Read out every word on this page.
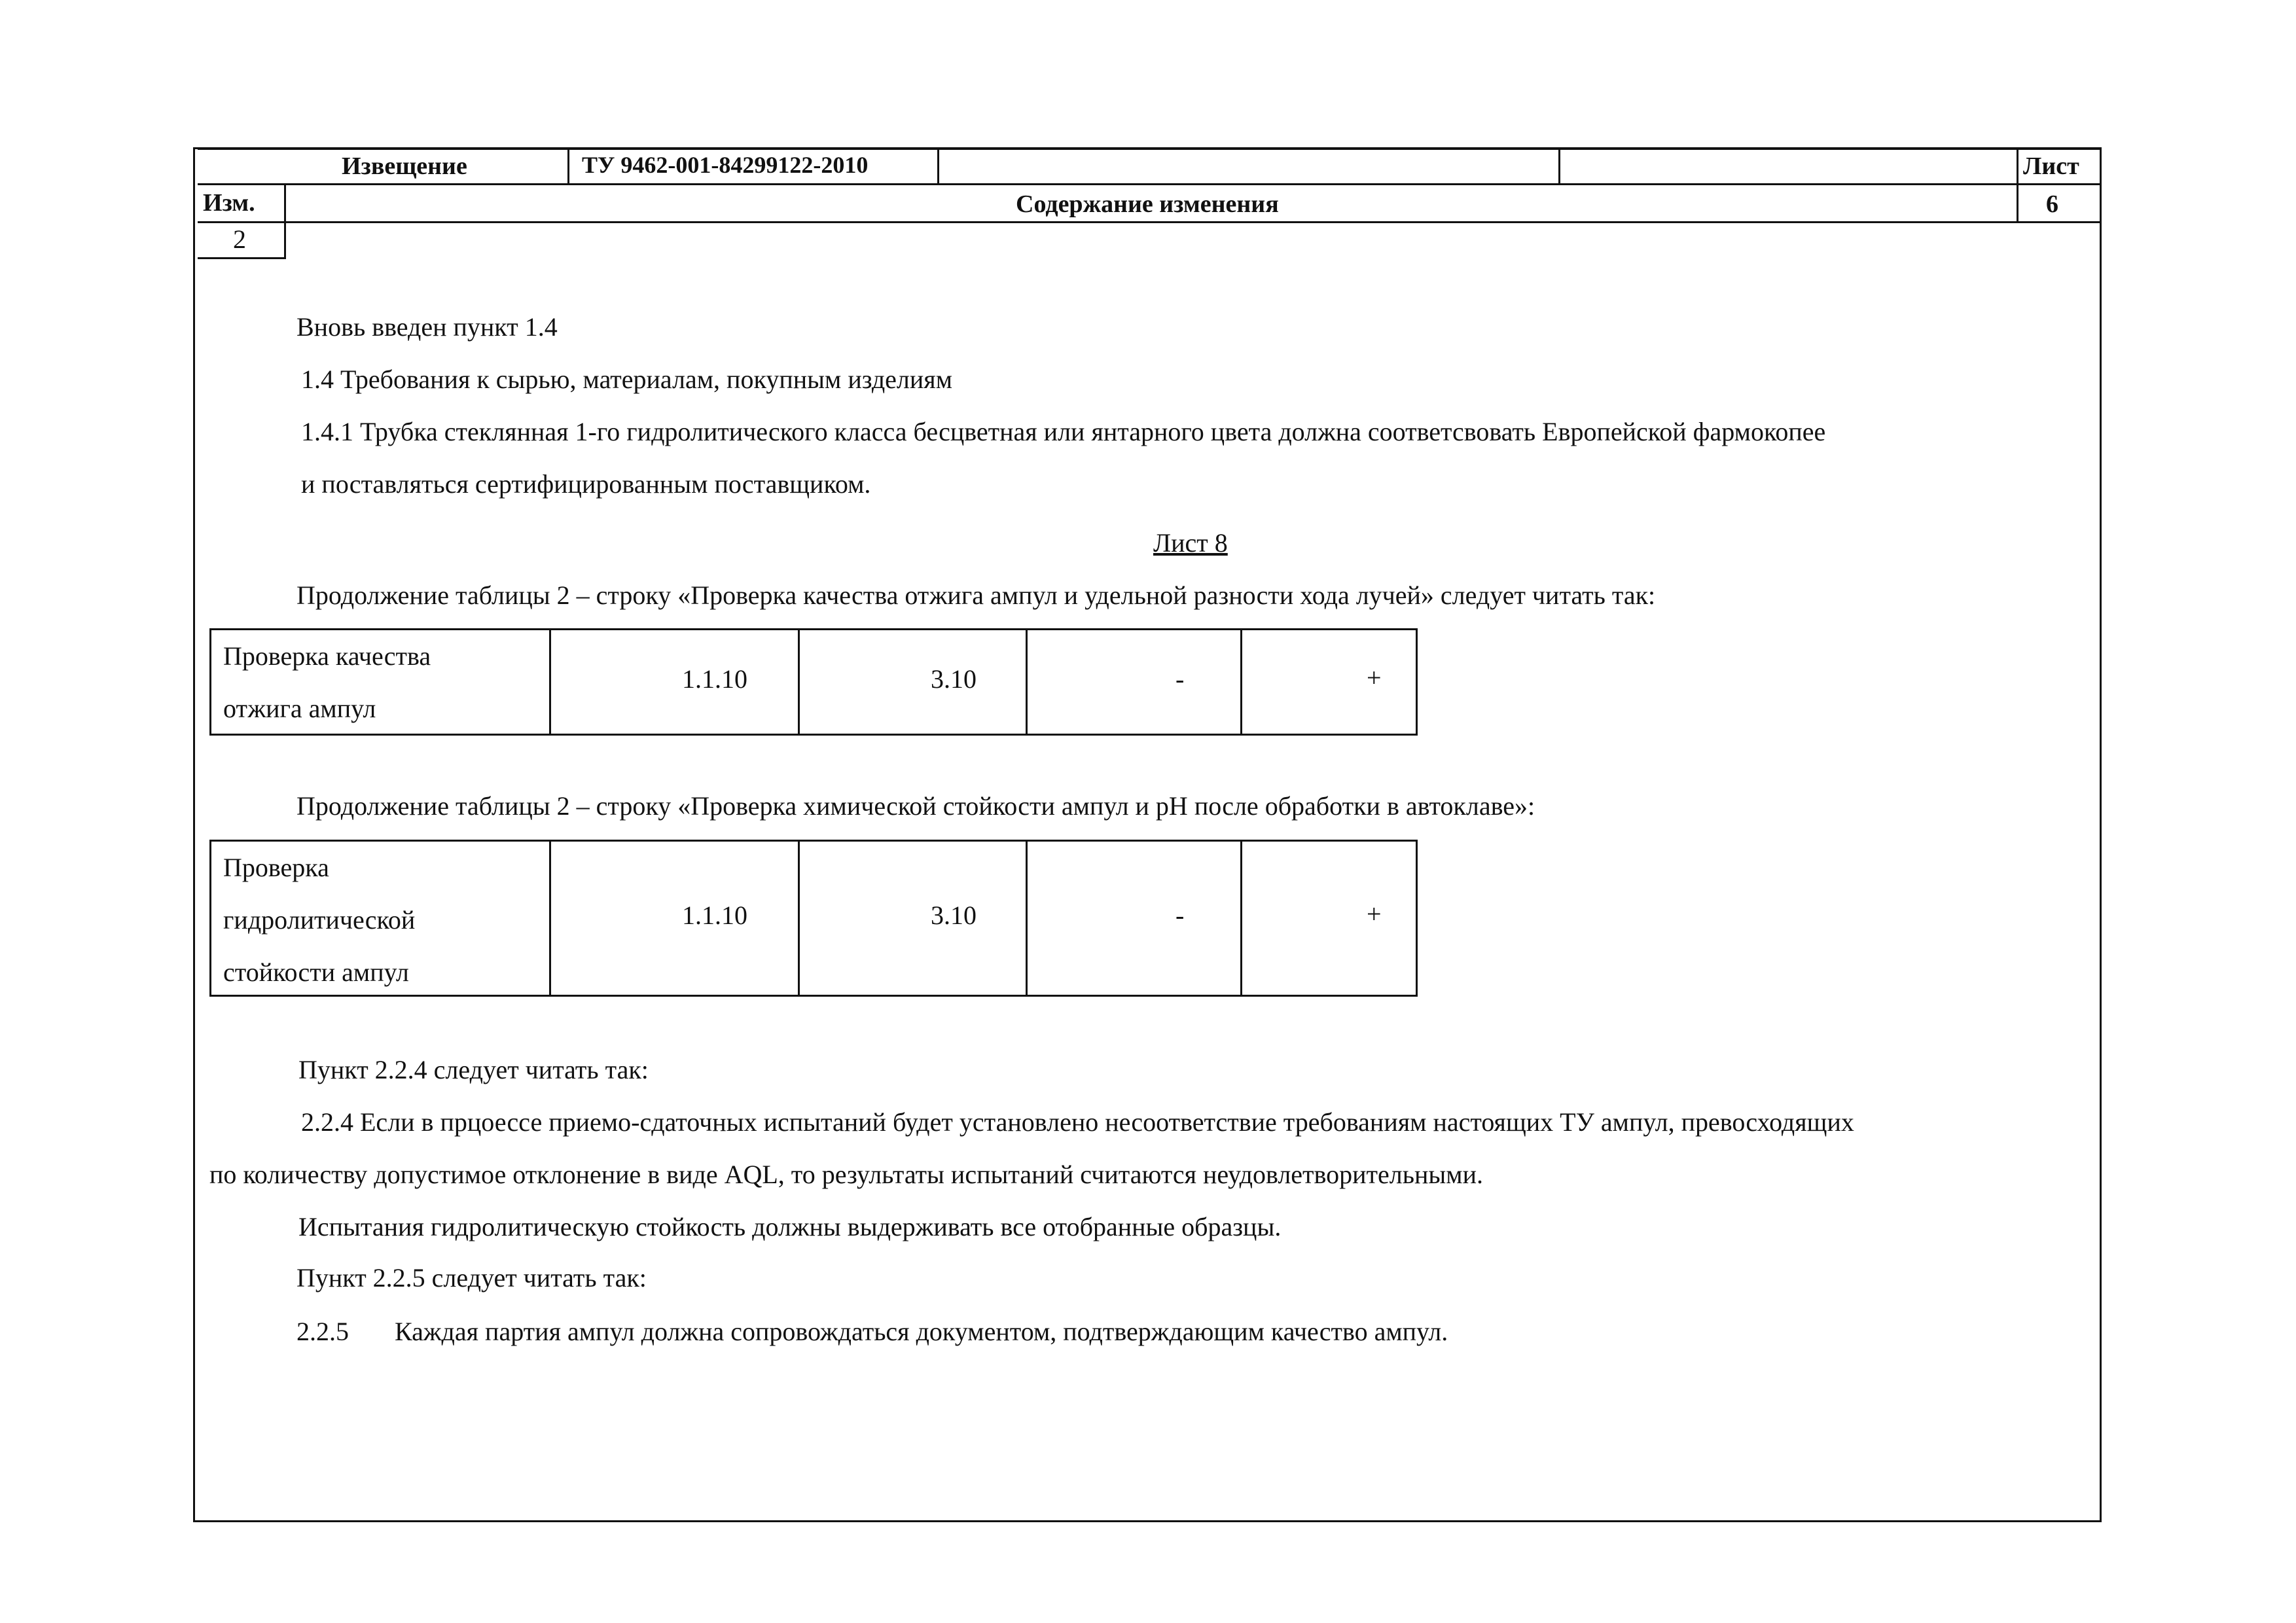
Извещение	ТУ 9462-001-84299122-2010	Лист
Изм.	Содержание изменения	6
2
Вновь введен пункт 1.4
1.4 Требования к сырью, материалам, покупным изделиям
1.4.1 Трубка стеклянная 1-го гидролитического класса бесцветная или янтарного цвета должна соответсвовать Европейской фармокопее
и поставляться сертифицированным поставщиком.
Лист 8
Продолжение таблицы 2 – строку «Проверка качества отжига ампул и удельной разности хода лучей» следует читать так:
Проверка качества
отжига ампул
1.1.10	3.10	-	+
Продолжение таблицы 2 – строку «Проверка химической стойкости ампул и pH после обработки в автоклаве»:
Проверка
гидролитической
стойкости ампул
1.1.10	3.10	-	+
Пункт 2.2.4 следует читать так:
2.2.4 Если в прцоессе приемо-сдаточных испытаний будет установлено несоответствие требованиям настоящих ТУ ампул, превосходящих
по количеству допустимое отклонение в виде AQL, то результаты испытаний считаются неудовлетворительными.
Испытания гидролитическую стойкость должны выдерживать все отобранные образцы.
Пункт 2.2.5 следует читать так:
2.2.5 Каждая партия ампул должна сопровождаться документом, подтверждающим качество ампул.
